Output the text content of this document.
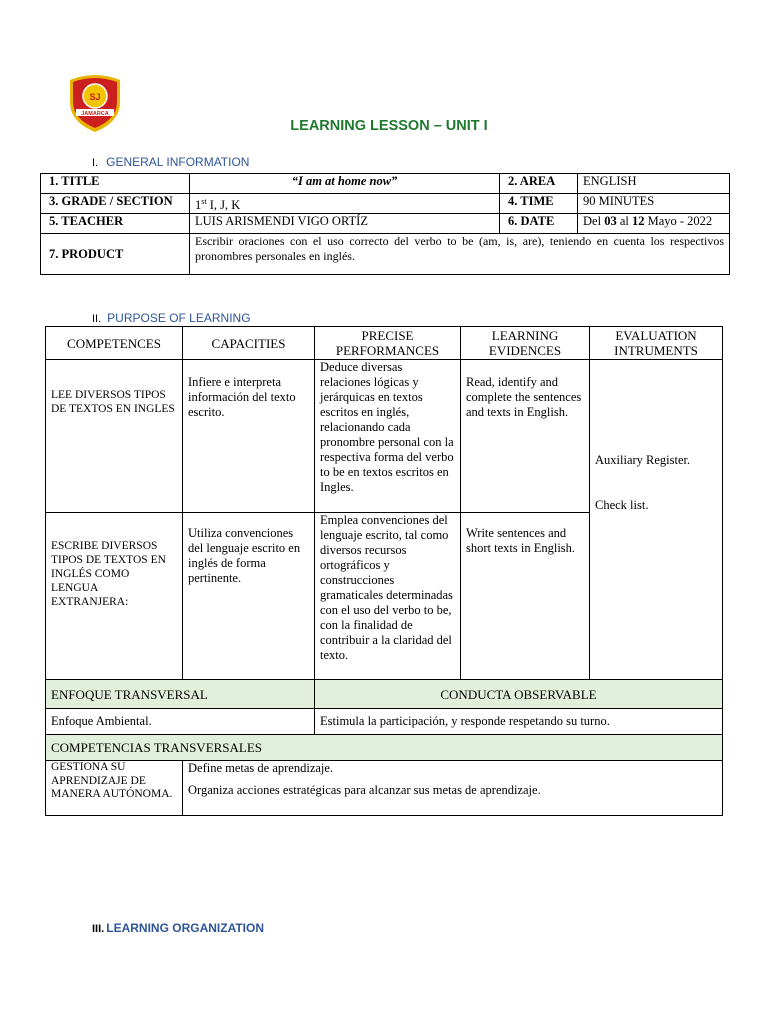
SJ
JAMARCA
LEARNING LESSON – UNIT I
I. GENERAL INFORMATION
1. TITLE	“I am at home now”	2. AREA	ENGLISH
3. GRADE / SECTION	1st I, J, K	4. TIME	90 MINUTES
5. TEACHER	LUIS ARISMENDI VIGO ORTÍZ	6. DATE	Del 03 al 12 Mayo - 2022

7. PRODUCT	Escribir oraciones con el uso correcto del verbo to be (am, is, are), teniendo en cuenta los respectivos pronombres personales en inglés.		
II. PURPOSE OF LEARNING
COMPETENCES	CAPACITIES	PRECISE PERFORMANCES	LEARNING EVIDENCES	EVALUATION INTRUMENTS
LEE DIVERSOS TIPOS DE TEXTOS EN INGLES	Infiere e interpreta información del texto escrito.	Deduce diversas relaciones lógicas y jerárquicas en textos escritos en inglés, relacionando cada pronombre personal con la respectiva forma del verbo to be en textos escritos en Ingles.	Read, identify and complete the sentences and texts in English.	Auxiliary Register.
Check list.

ESCRIBE DIVERSOS TIPOS DE TEXTOS EN INGLÉS COMO LENGUA EXTRANJERA:	Utiliza convenciones del lenguaje escrito en inglés de forma pertinente.	Emplea convenciones del lenguaje escrito, tal como diversos recursos ortográficos y construcciones gramaticales determinadas con el uso del verbo to be, con la finalidad de contribuir a la claridad del texto.	Write sentences and short texts in English.	
ENFOQUE TRANSVERSAL		CONDUCTA OBSERVABLE		
Enfoque Ambiental.		Estimula la participación, y responde respetando su turno.		
COMPETENCIAS TRANSVERSALES				
GESTIONA SU APRENDIZAJE DE MANERA AUTÓNOMA.	Define metas de aprendizaje.
Organiza acciones estratégicas para alcanzar sus metas de aprendizaje.			
III. LEARNING ORGANIZATION
